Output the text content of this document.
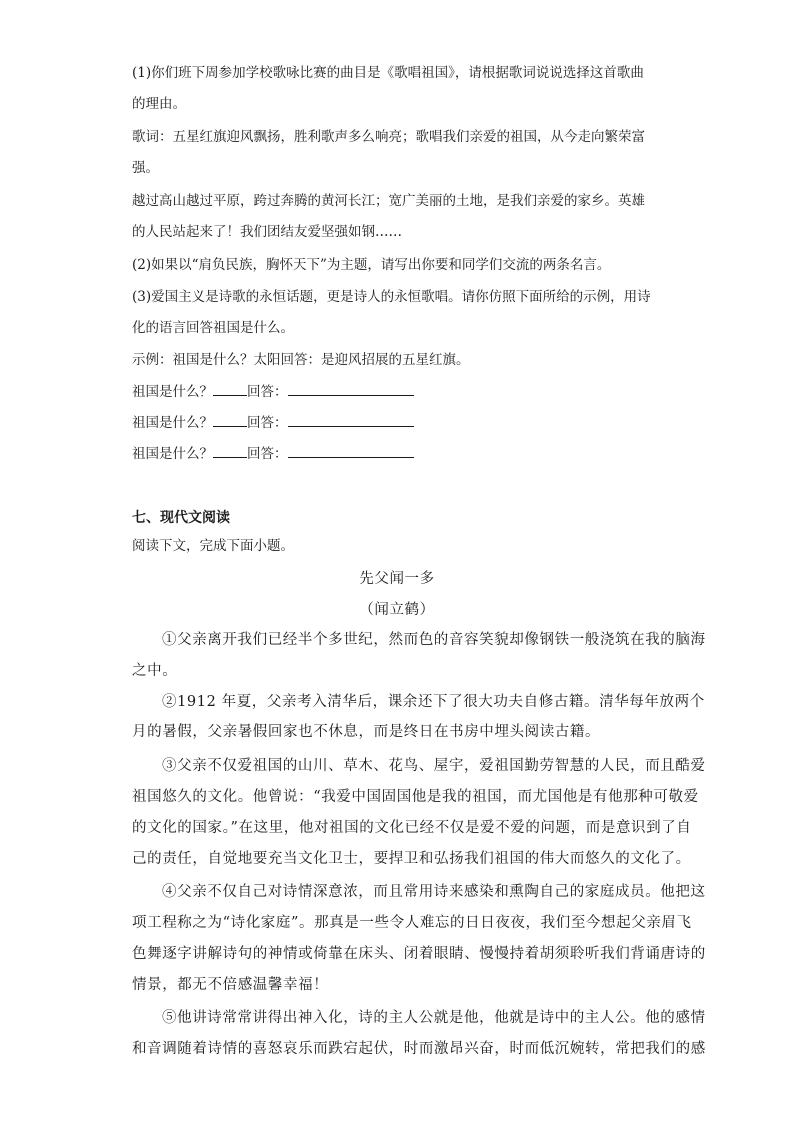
(1)你们班下周参加学校歌咏比赛的曲目是《歌唱祖国》，请根据歌词说说选择这首歌曲
的理由。
歌词：五星红旗迎风飘扬，胜利歌声多么响亮；歌唱我们亲爱的祖国，从今走向繁荣富
强。
越过高山越过平原，跨过奔腾的黄河长江；宽广美丽的土地，是我们亲爱的家乡。英雄
的人民站起来了！我们团结友爱坚强如钢……
(2)如果以“肩负民族，胸怀天下”为主题，请写出你要和同学们交流的两条名言。
(3)爱国主义是诗歌的永恒话题，更是诗人的永恒歌唱。请你仿照下面所给的示例，用诗
化的语言回答祖国是什么。
示例：祖国是什么？太阳回答：是迎风招展的五星红旗。
祖国是什么？	回答：
祖国是什么？	回答：
祖国是什么？	回答：
七、现代文阅读
阅读下文，完成下面小题。
先父闻一多
（闻立鹤）
①父亲离开我们已经半个多世纪，然而色的音容笑貌却像钢铁一般浇筑在我的脑海
之中。
②1912 年夏，父亲考入清华后，课余还下了很大功夫自修古籍。清华每年放两个
月的暑假，父亲暑假回家也不休息，而是终日在书房中埋头阅读古籍。
③父亲不仅爱祖国的山川、草木、花鸟、屋宇，爱祖国勤劳智慧的人民，而且酷爱
祖国悠久的文化。他曾说：“我爱中国固国他是我的祖国，而尤国他是有他那种可敬爱
的文化的国家。”在这里，他对祖国的文化已经不仅是爱不爱的问题，而是意识到了自
己的责任，自觉地要充当文化卫士，要捍卫和弘扬我们祖国的伟大而悠久的文化了。
④父亲不仅自己对诗情深意浓，而且常用诗来感染和熏陶自己的家庭成员。他把这
项工程称之为“诗化家庭”。那真是一些令人难忘的日日夜夜，我们至今想起父亲眉飞
色舞逐字讲解诗句的神情或倚靠在床头、闭着眼睛、慢慢持着胡须聆听我们背诵唐诗的
情景，都无不倍感温馨幸福！
⑤他讲诗常常讲得出神入化，诗的主人公就是他，他就是诗中的主人公。他的感情
和音调随着诗情的喜怒哀乐而跌宕起伏，时而激昂兴奋，时而低沉婉转，常把我们的感
